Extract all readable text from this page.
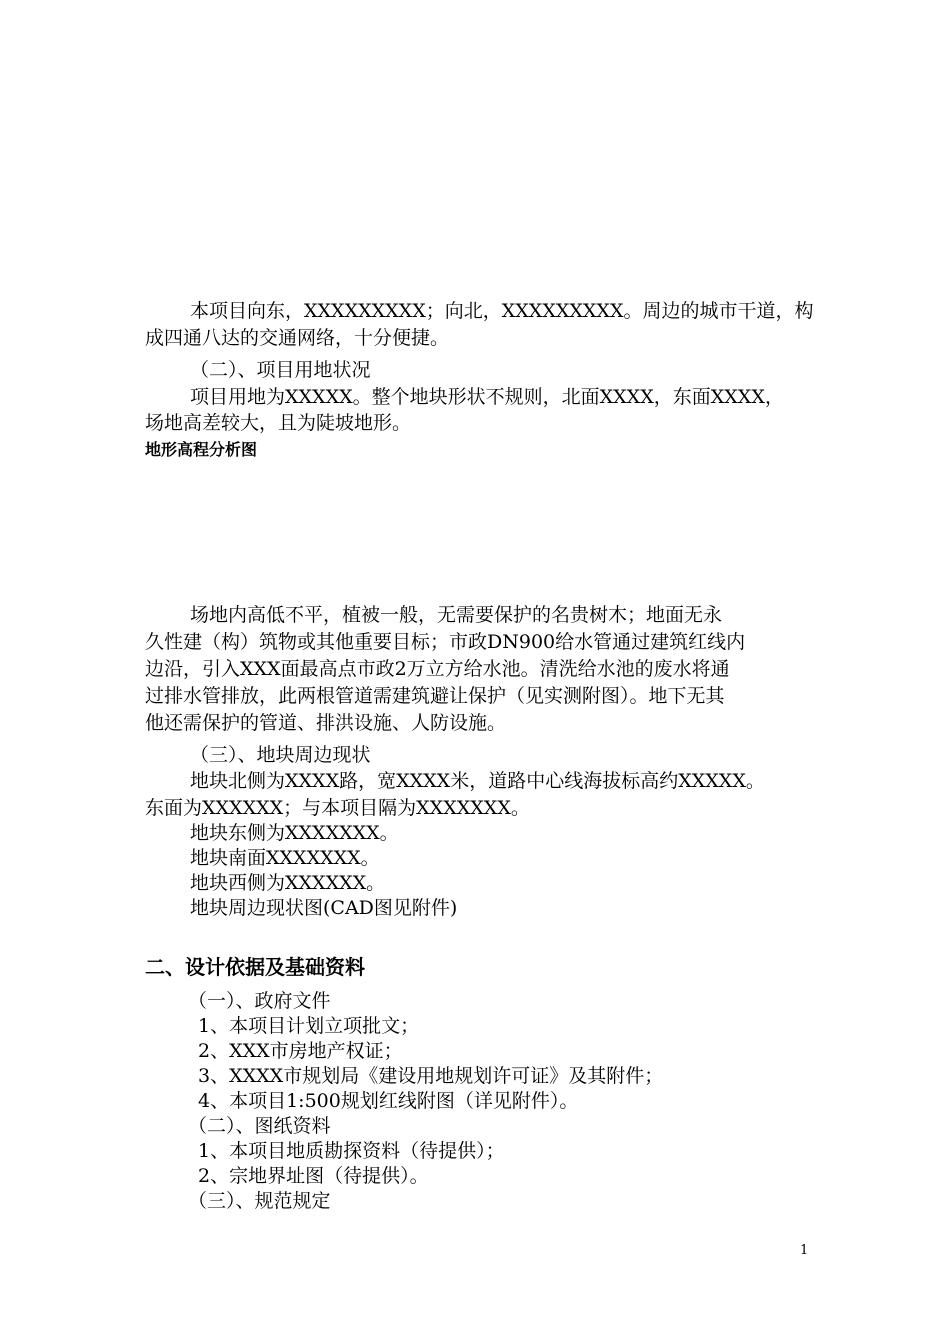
本项目向东，XXXXXXXXX；向北，XXXXXXXXX。周边的城市干道，构
成四通八达的交通网络，十分便捷。
（二）、项目用地状况
项目用地为XXXXX。整个地块形状不规则，北面XXXX，东面XXXX，
场地高差较大，且为陡坡地形。
地形高程分析图
场地内高低不平，植被一般，无需要保护的名贵树木；地面无永
久性建（构）筑物或其他重要目标；市政DN900给水管通过建筑红线内
边沿，引入XXX面最高点市政2万立方给水池。清洗给水池的废水将通
过排水管排放，此两根管道需建筑避让保护（见实测附图）。地下无其
他还需保护的管道、排洪设施、人防设施。
（三）、地块周边现状
地块北侧为XXXX路，宽XXXX米，道路中心线海拔标高约XXXXX。
东面为XXXXXX；与本项目隔为XXXXXXX。
地块东侧为XXXXXXX。
地块南面XXXXXXX。
地块西侧为XXXXXX。
地块周边现状图(CAD图见附件)
二、设计依据及基础资料
（一）、政府文件
1、本项目计划立项批文；
2、XXX市房地产权证；
3、XXXX市规划局《建设用地规划许可证》及其附件；
4、本项目1:500规划红线附图（详见附件）。
（二）、图纸资料
1、本项目地质勘探资料（待提供）；
2、宗地界址图（待提供）。
（三）、规范规定
1
